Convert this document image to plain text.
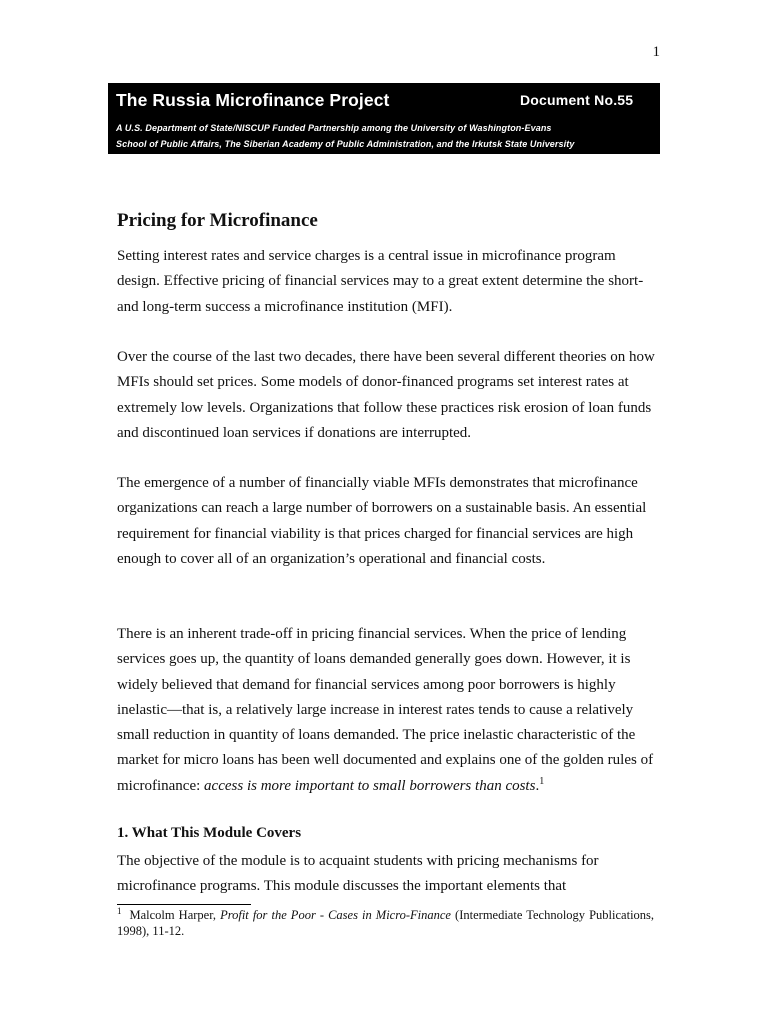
1
The Russia Microfinance Project	Document No.55
A U.S. Department of State/NISCUP Funded Partnership among the University of Washington-Evans
School of Public Affairs, The Siberian Academy of Public Administration, and the Irkutsk State University
Pricing for Microfinance

Setting interest rates and service charges is a central issue in microfinance program design. Effective pricing of financial services may to a great extent determine the short- and long-term success a microfinance institution (MFI).

Over the course of the last two decades, there have been several different theories on how MFIs should set prices. Some models of donor-financed programs set interest rates at extremely low levels. Organizations that follow these practices risk erosion of loan funds and discontinued loan services if donations are interrupted.

The emergence of a number of financially viable MFIs demonstrates that microfinance organizations can reach a large number of borrowers on a sustainable basis. An essential requirement for financial viability is that prices charged for financial services are high enough to cover all of an organization’s operational and financial costs.

There is an inherent trade-off in pricing financial services. When the price of lending services goes up, the quantity of loans demanded generally goes down. However, it is widely believed that demand for financial services among poor borrowers is highly inelastic—that is, a relatively large increase in interest rates tends to cause a relatively small reduction in quantity of loans demanded. The price inelastic characteristic of the market for micro loans has been well documented and explains one of the golden rules of microfinance: access is more important to small borrowers than costs.$^1$

1. What This Module Covers

The objective of the module is to acquaint students with pricing mechanisms for microfinance programs. This module discusses the important elements that

$^1$ Malcolm Harper, Profit for the Poor - Cases in Micro-Finance (Intermediate Technology Publications, 1998), 11-12.
